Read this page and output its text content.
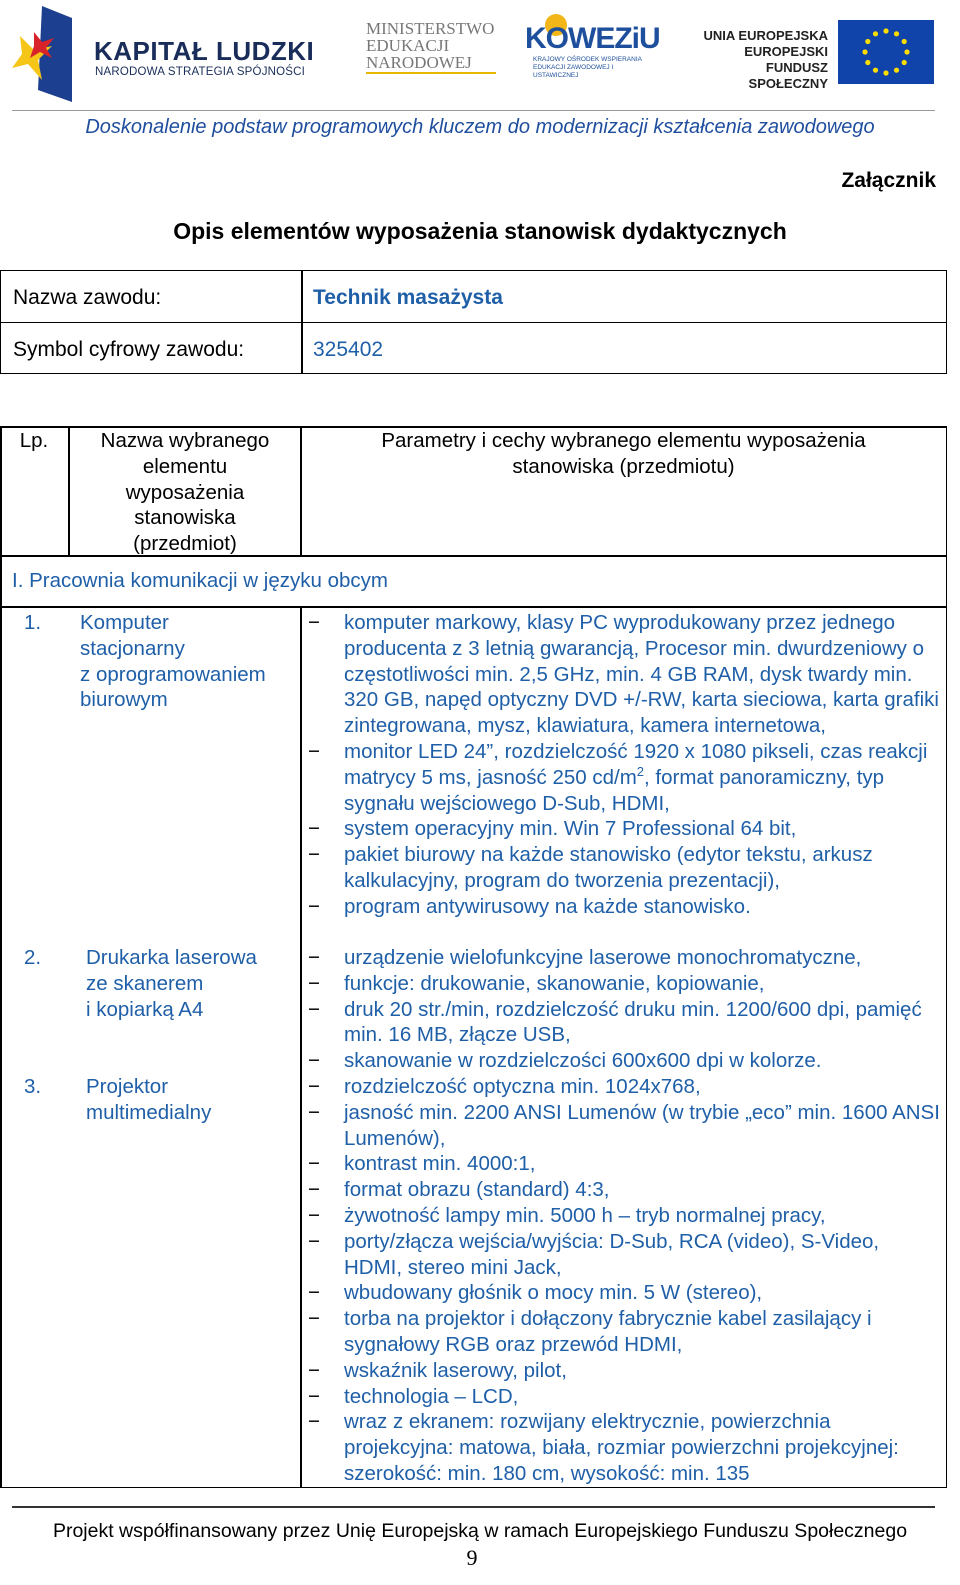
KAPITAŁ LUDZKI
NARODOWA STRATEGIA SPÓJNOŚCI
MINISTERSTWO
EDUKACJI
NARODOWEJ
KOWEZiU
KRAJOWY OŚRODEK WSPIERANIA EDUKACJI ZAWODOWEJ I USTAWICZNEJ
UNIA EUROPEJSKA
EUROPEJSKI
FUNDUSZ SPOŁECZNY
Doskonalenie podstaw programowych kluczem do modernizacji kształcenia zawodowego
Załącznik
Opis elementów wyposażenia stanowisk dydaktycznych
Nazwa zawodu:	Technik masażysta
Symbol cyfrowy zawodu:	325402
Lp.	Nazwa wybranego
elementu
wyposażenia
stanowiska
(przedmiot)
Parametry i cechy wybranego elementu wyposażenia
stanowiska (przedmiotu)
I. Pracownia komunikacji w języku obcym
1. Komputer
stacjonarny
z oprogramowaniem
biurowym
− komputer markowy, klasy PC wyprodukowany przez jednego producenta z 3 letnią gwarancją, Procesor min. dwurdzeniowy o częstotliwości min. 2,5 GHz, min. 4 GB RAM, dysk twardy min. 320 GB, napęd optyczny DVD +/-RW, karta sieciowa, karta grafiki zintegrowana, mysz, klawiatura, kamera internetowa,
− monitor LED 24”, rozdzielczość 1920 x 1080 pikseli, czas reakcji matrycy 5 ms, jasność 250 $cd/m^2$, format panoramiczny, typ sygnału wejściowego D-Sub, HDMI,
− system operacyjny min. Win 7 Professional 64 bit,
− pakiet biurowy na każde stanowisko (edytor tekstu, arkusz kalkulacyjny, program do tworzenia prezentacji),
− program antywirusowy na każde stanowisko.
2. Drukarka laserowa
ze skanerem
i kopiarką A4
− urządzenie wielofunkcyjne laserowe monochromatyczne,
− funkcje: drukowanie, skanowanie, kopiowanie,
− druk 20 str./min, rozdzielczość druku min. 1200/600 dpi, pamięć min. 16 MB, złącze USB,
− skanowanie w rozdzielczości 600x600 dpi w kolorze.
3. Projektor
multimedialny
− rozdzielczość optyczna min. 1024x768,
− jasność min. 2200 ANSI Lumenów (w trybie „eco” min. 1600 ANSI Lumenów),
− kontrast min. 4000:1,
− format obrazu (standard) 4:3,
− żywotność lampy min. 5000 h – tryb normalnej pracy,
− porty/złącza wejścia/wyjścia: D-Sub, RCA (video), S-Video, HDMI, stereo mini Jack,
− wbudowany głośnik o mocy min. 5 W (stereo),
− torba na projektor i dołączony fabrycznie kabel zasilający i sygnałowy RGB oraz przewód HDMI,
− wskaźnik laserowy, pilot,
− technologia – LCD,
− wraz z ekranem: rozwijany elektrycznie, powierzchnia projekcyjna: matowa, biała, rozmiar powierzchni projekcyjnej: szerokość: min. 180 cm, wysokość: min. 135
Projekt współfinansowany przez Unię Europejską w ramach Europejskiego Funduszu Społecznego
9
